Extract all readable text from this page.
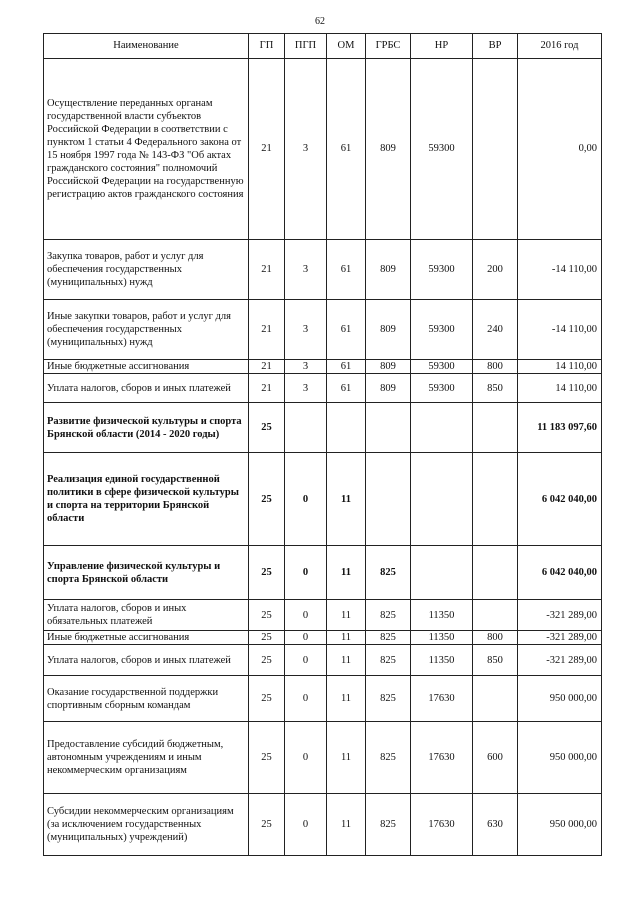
62
Наименование	ГП	ПГП	ОМ	ГРБС	НР	ВР	2016 год
Осуществление переданных органам государственной власти субъектов Российской Федерации в соответствии с пунктом 1 статьи 4 Федерального закона от 15 ноября 1997 года № 143-ФЗ "Об актах гражданского состояния" полномочий Российской Федерации на государственную регистрацию актов гражданского состояния	21	3	61	809	59300		0,00
Закупка товаров, работ и услуг для обеспечения государственных (муниципальных) нужд	21	3	61	809	59300	200	-14 110,00
Иные закупки товаров, работ и услуг для обеспечения государственных (муниципальных) нужд	21	3	61	809	59300	240	-14 110,00
Иные бюджетные ассигнования	21	3	61	809	59300	800	14 110,00
Уплата налогов, сборов и иных платежей	21	3	61	809	59300	850	14 110,00
Развитие физической культуры и спорта Брянской области (2014 - 2020 годы)	25						11 183 097,60
Реализация единой государственной политики в сфере физической культуры и спорта на территории Брянской области	25	0	11				6 042 040,00
Управление физической культуры и спорта Брянской области	25	0	11	825			6 042 040,00
Уплата налогов, сборов и иных обязательных платежей	25	0	11	825	11350		-321 289,00
Иные бюджетные ассигнования	25	0	11	825	11350	800	-321 289,00
Уплата налогов, сборов и иных платежей	25	0	11	825	11350	850	-321 289,00
Оказание государственной поддержки спортивным сборным командам	25	0	11	825	17630		950 000,00
Предоставление субсидий бюджетным, автономным учреждениям и иным некоммерческим организациям	25	0	11	825	17630	600	950 000,00
Субсидии некоммерческим организациям (за исключением государственных (муниципальных) учреждений)	25	0	11	825	17630	630	950 000,00
